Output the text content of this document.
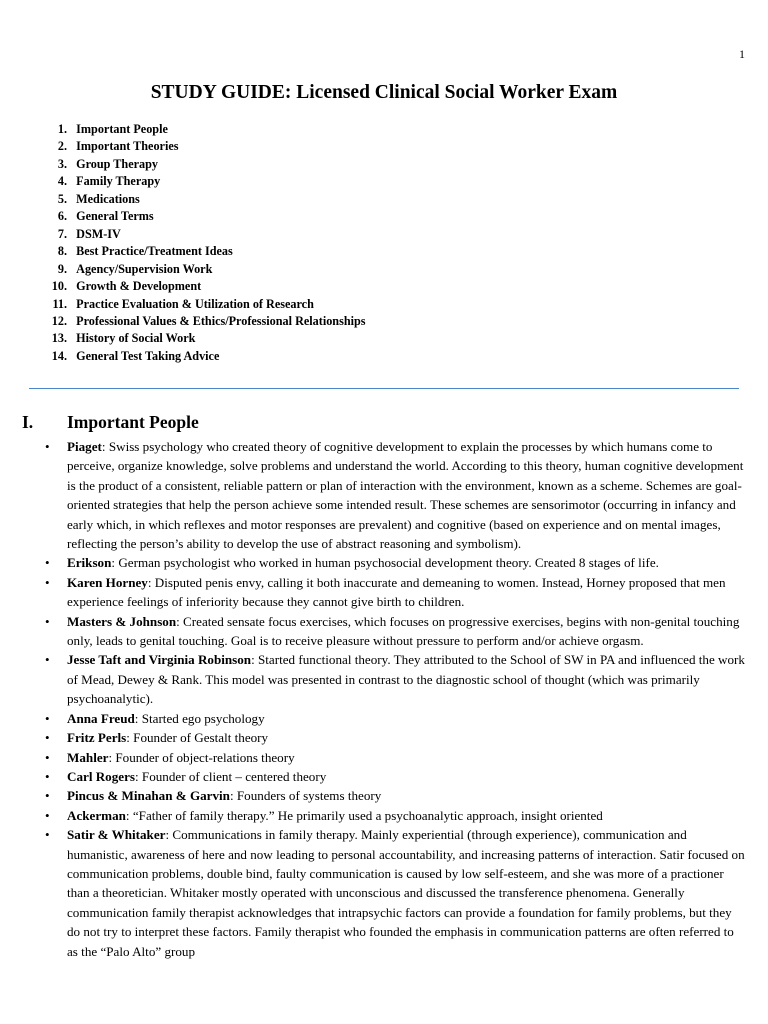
1
STUDY GUIDE: Licensed Clinical Social Worker Exam
1.
Important People
2.
Important Theories
3.
Group Therapy
4.
Family Therapy
5.
Medications
6.
General Terms
7.
DSM-IV
8.
Best Practice/Treatment Ideas
9.
Agency/Supervision Work
10.
Growth & Development
11.
Practice Evaluation & Utilization of Research
12.
Professional Values & Ethics/Professional Relationships
13.
History of Social Work
14.
General Test Taking Advice
I.	Important People
• Piaget: Swiss psychology who created theory of cognitive development to explain the processes by which humans come to perceive, organize knowledge, solve problems and understand the world. According to this theory, human cognitive development is the product of a consistent, reliable pattern or plan of interaction with the environment, known as a scheme. Schemes are goal-oriented strategies that help the person achieve some intended result. These schemes are sensorimotor (occurring in infancy and early which, in which reflexes and motor responses are prevalent) and cognitive (based on experience and on mental images, reflecting the person’s ability to develop the use of abstract reasoning and symbolism).
• Erikson: German psychologist who worked in human psychosocial development theory. Created 8 stages of life.
• Karen Horney: Disputed penis envy, calling it both inaccurate and demeaning to women. Instead, Horney proposed that men experience feelings of inferiority because they cannot give birth to children.
• Masters & Johnson: Created sensate focus exercises, which focuses on progressive exercises, begins with non-genital touching only, leads to genital touching. Goal is to receive pleasure without pressure to perform and/or achieve orgasm.
• Jesse Taft and Virginia Robinson: Started functional theory. They attributed to the School of SW in PA and influenced the work of Mead, Dewey & Rank. This model was presented in contrast to the diagnostic school of thought (which was primarily psychoanalytic).
• Anna Freud: Started ego psychology
• Fritz Perls: Founder of Gestalt theory
• Mahler: Founder of object-relations theory
• Carl Rogers: Founder of client – centered theory
• Pincus & Minahan & Garvin: Founders of systems theory
• Ackerman: “Father of family therapy.” He primarily used a psychoanalytic approach, insight oriented
• Satir & Whitaker: Communications in family therapy. Mainly experiential (through experience), communication and humanistic, awareness of here and now leading to personal accountability, and increasing patterns of interaction. Satir focused on communication problems, double bind, faulty communication is caused by low self-esteem, and she was more of a practioner than a theoretician. Whitaker mostly operated with unconscious and discussed the transference phenomena. Generally communication family therapist acknowledges that intrapsychic factors can provide a foundation for family problems, but they do not try to interpret these factors. Family therapist who founded the emphasis in communication patterns are often referred to as the “Palo Alto” group
